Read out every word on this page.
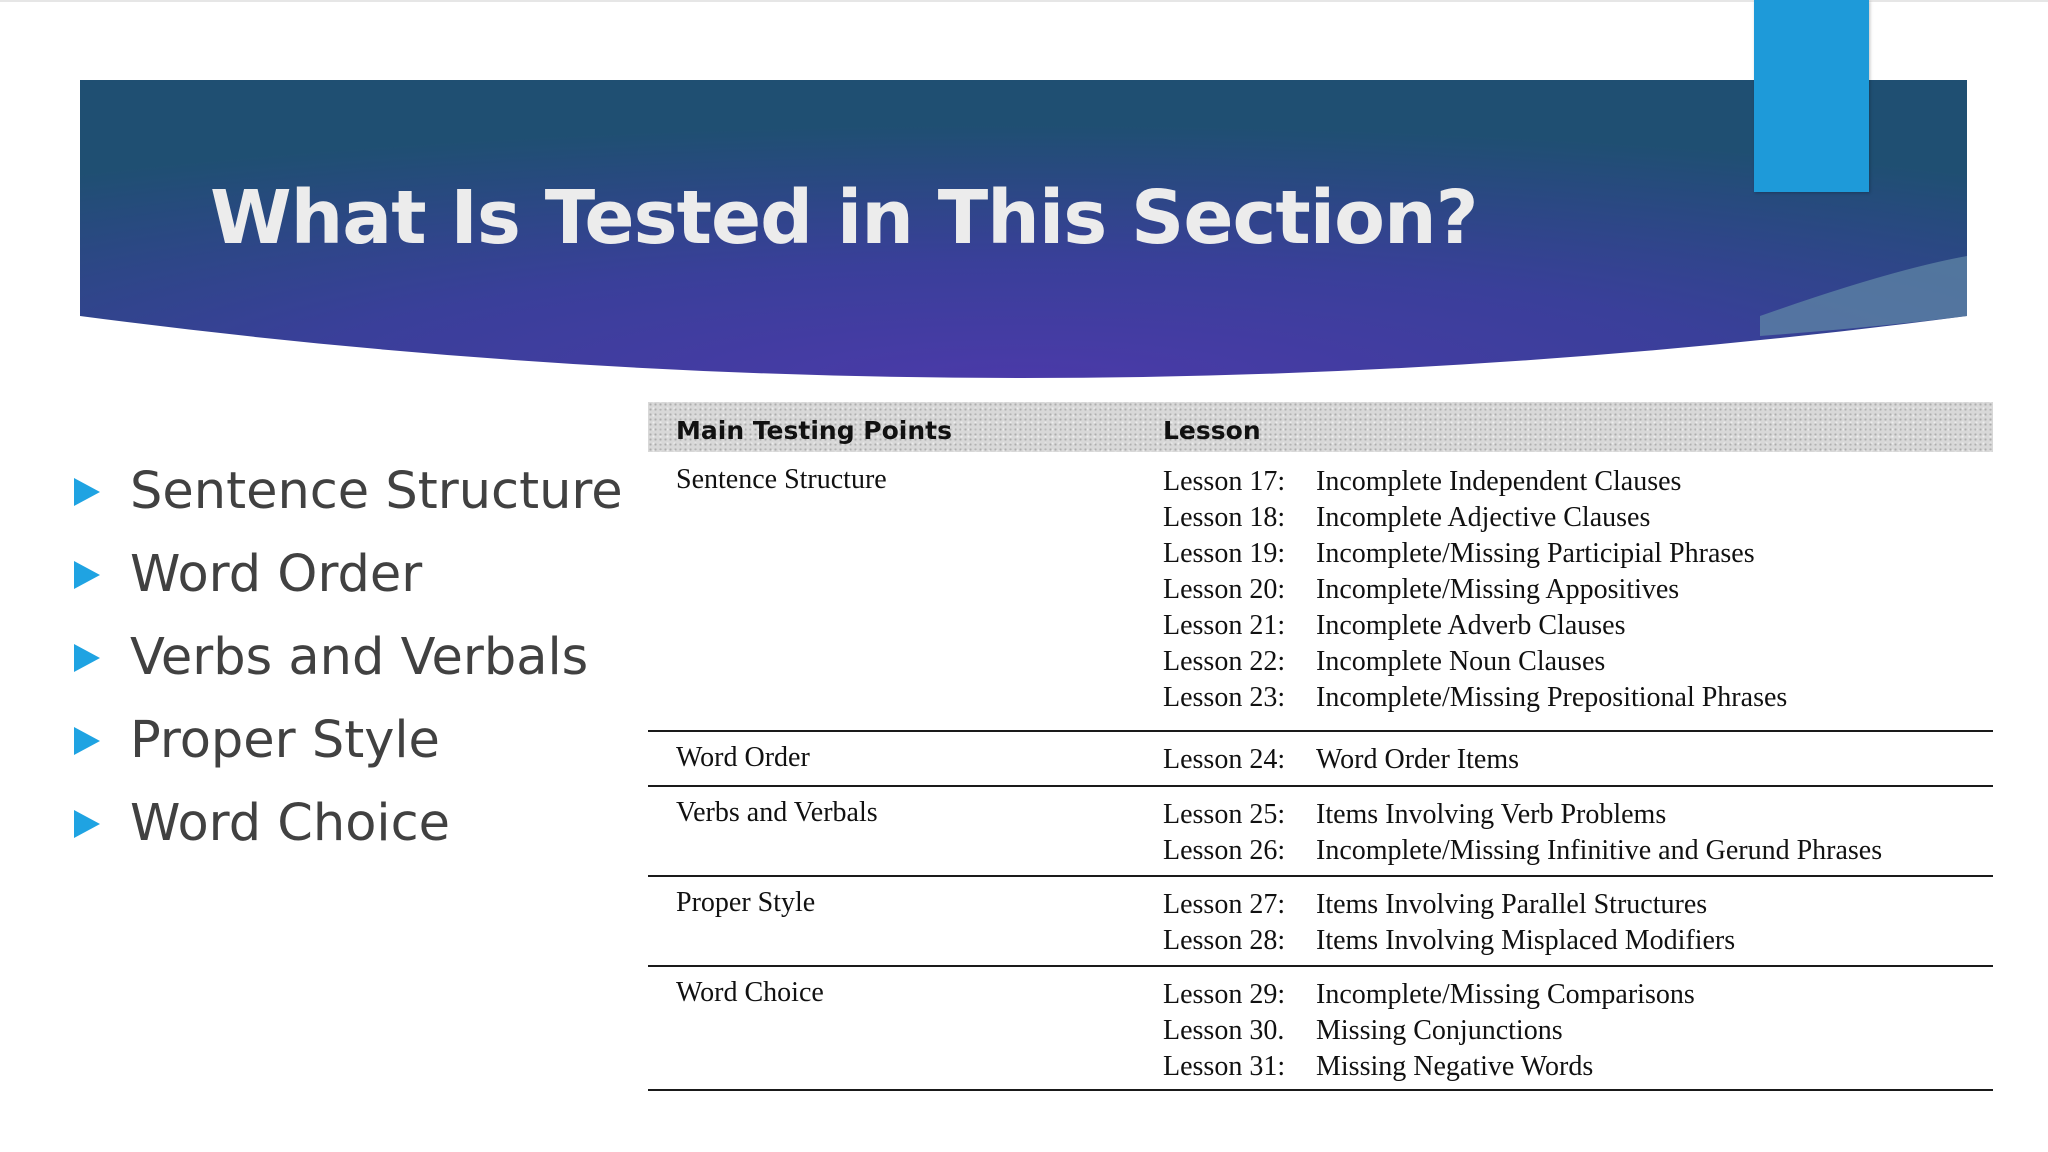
What Is Tested in This Section?
Sentence Structure
Word Order
Verbs and Verbals
Proper Style
Word Choice
Main Testing Points	Lesson
Sentence Structure	Lesson 17: Incomplete Independent Clauses
Lesson 18: Incomplete Adjective Clauses
Lesson 19: Incomplete/Missing Participial Phrases
Lesson 20: Incomplete/Missing Appositives
Lesson 21: Incomplete Adverb Clauses
Lesson 22: Incomplete Noun Clauses
Lesson 23: Incomplete/Missing Prepositional Phrases
Word Order	Lesson 24: Word Order Items
Verbs and Verbals	Lesson 25: Items Involving Verb Problems
Lesson 26: Incomplete/Missing Infinitive and Gerund Phrases
Proper Style	Lesson 27: Items Involving Parallel Structures
Lesson 28: Items Involving Misplaced Modifiers
Word Choice	Lesson 29: Incomplete/Missing Comparisons
Lesson 30. Missing Conjunctions
Lesson 31: Missing Negative Words
